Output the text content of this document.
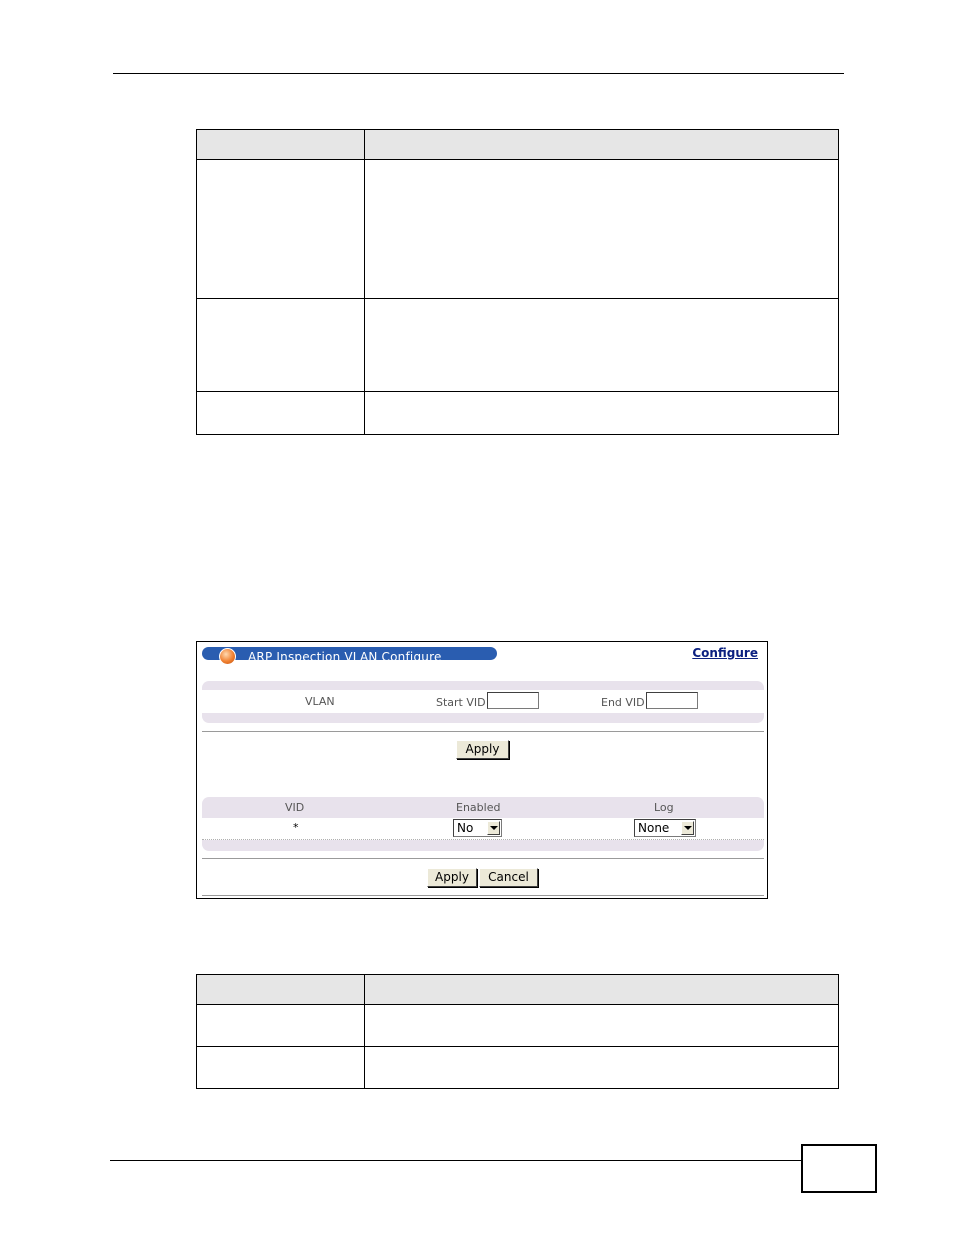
ARP Inspection VLAN Configure	Configure
VLAN	Start VID	End VID
Apply
VID	Enabled	Log
*	No	None
Apply	Cancel
